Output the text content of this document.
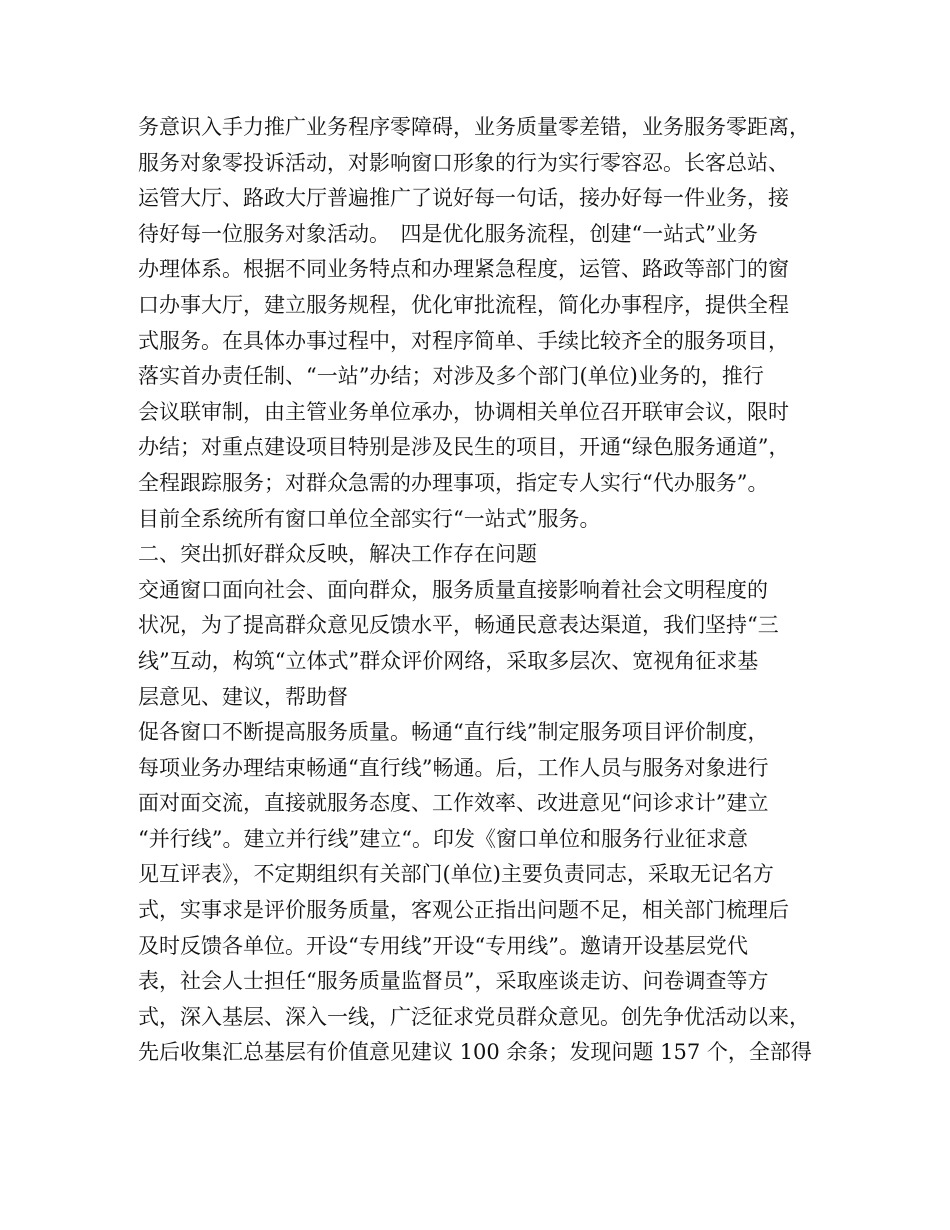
务意识入手力推广业务程序零障碍，业务质量零差错，业务服务零距离，
服务对象零投诉活动，对影响窗口形象的行为实行零容忍。长客总站、
运管大厅、路政大厅普遍推广了说好每一句话，接办好每一件业务，接
待好每一位服务对象活动。　四是优化服务流程，创建“一站式”业务
办理体系。根据不同业务特点和办理紧急程度，运管、路政等部门的窗
口办事大厅，建立服务规程，优化审批流程，简化办事程序，提供全程
式服务。在具体办事过程中，对程序简单、手续比较齐全的服务项目，
落实首办责任制、“一站”办结；对涉及多个部门(单位)业务的，推行
会议联审制，由主管业务单位承办，协调相关单位召开联审会议，限时
办结；对重点建设项目特别是涉及民生的项目，开通“绿色服务通道”，
全程跟踪服务；对群众急需的办理事项，指定专人实行“代办服务”。
目前全系统所有窗口单位全部实行“一站式”服务。
二、突出抓好群众反映，解决工作存在问题
交通窗口面向社会、面向群众，服务质量直接影响着社会文明程度的
状况，为了提高群众意见反馈水平，畅通民意表达渠道，我们坚持“三
线”互动，构筑“立体式”群众评价网络，采取多层次、宽视角征求基
层意见、建议，帮助督
促各窗口不断提高服务质量。畅通“直行线”制定服务项目评价制度，
每项业务办理结束畅通“直行线”畅通。后，工作人员与服务对象进行
面对面交流，直接就服务态度、工作效率、改进意见“问诊求计”建立
“并行线”。建立并行线”建立“。印发《窗口单位和服务行业征求意
见互评表》，不定期组织有关部门(单位)主要负责同志，采取无记名方
式，实事求是评价服务质量，客观公正指出问题不足，相关部门梳理后
及时反馈各单位。开设“专用线”开设“专用线”。邀请开设基层党代
表，社会人士担任“服务质量监督员”，采取座谈走访、问卷调查等方
式，深入基层、深入一线，广泛征求党员群众意见。创先争优活动以来，
先后收集汇总基层有价值意见建议 100 余条；发现问题 157 个，全部得
